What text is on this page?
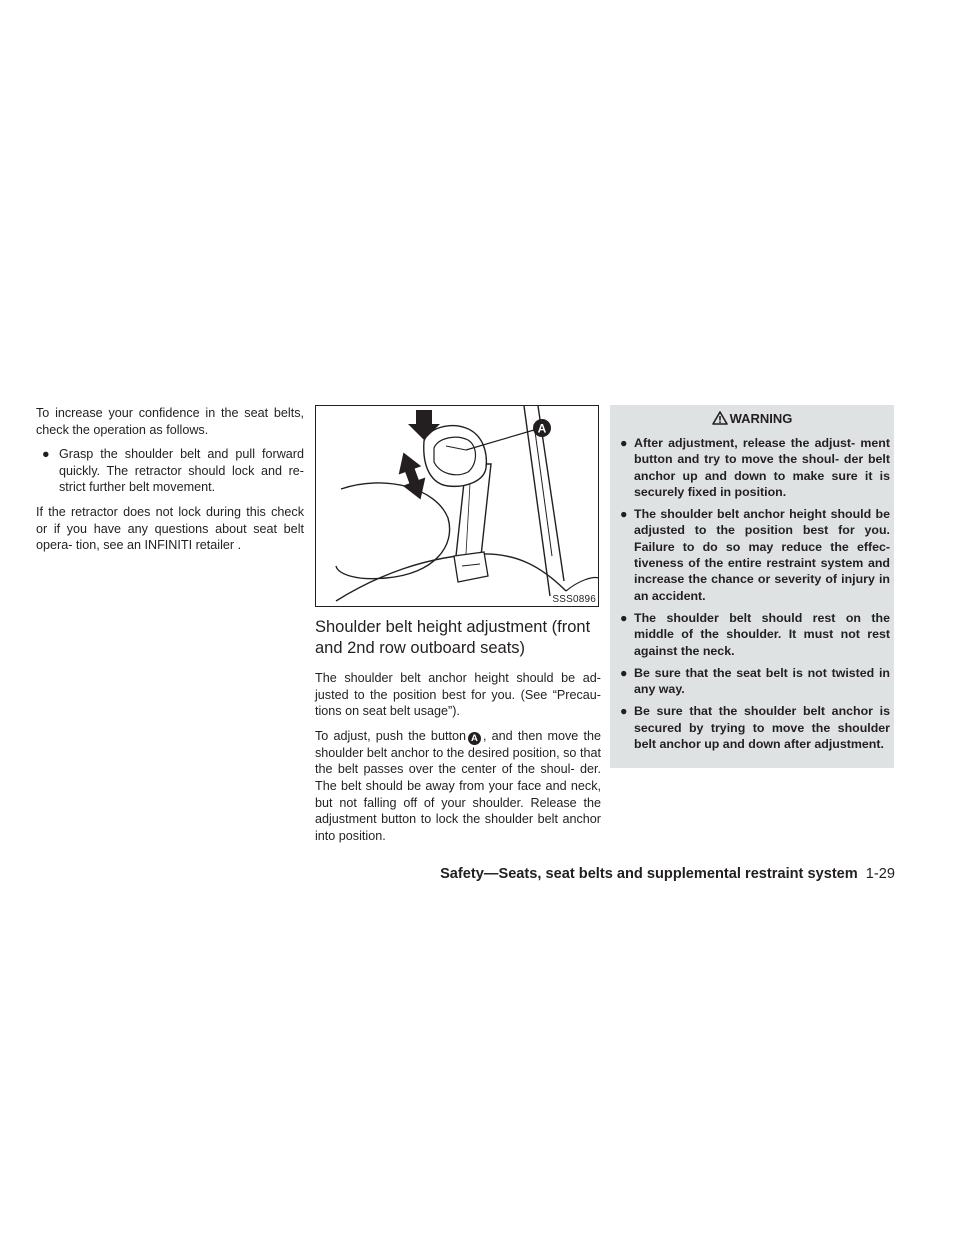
To increase your confidence in the seat belts, check the operation as follows.

● Grasp the shoulder belt and pull forward quickly. The retractor should lock and re- strict further belt movement.

If the retractor does not lock during this check or if you have any questions about seat belt opera- tion, see an INFINITI retailer .

A
SSS0896
Shoulder belt height adjustment (front and 2nd row outboard seats)

The shoulder belt anchor height should be ad- justed to the position best for you. (See “Precau- tions on seat belt usage”).

To adjust, push the button A , and then move the shoulder belt anchor to the desired position, so that the belt passes over the center of the shoul- der. The belt should be away from your face and neck, but not falling off of your shoulder. Release the adjustment button to lock the shoulder belt anchor into position.

WARNING
● After adjustment, release the adjust- ment button and try to move the shoul- der belt anchor up and down to make sure it is securely fixed in position.
● The shoulder belt anchor height should be adjusted to the position best for you. Failure to do so may reduce the effec- tiveness of the entire restraint system and increase the chance or severity of injury in an accident.
● The shoulder belt should rest on the middle of the shoulder. It must not rest against the neck.
● Be sure that the seat belt is not twisted in any way.
● Be sure that the shoulder belt anchor is secured by trying to move the shoulder belt anchor up and down after adjustment.
Safety—Seats, seat belts and supplemental restraint system 1-29
